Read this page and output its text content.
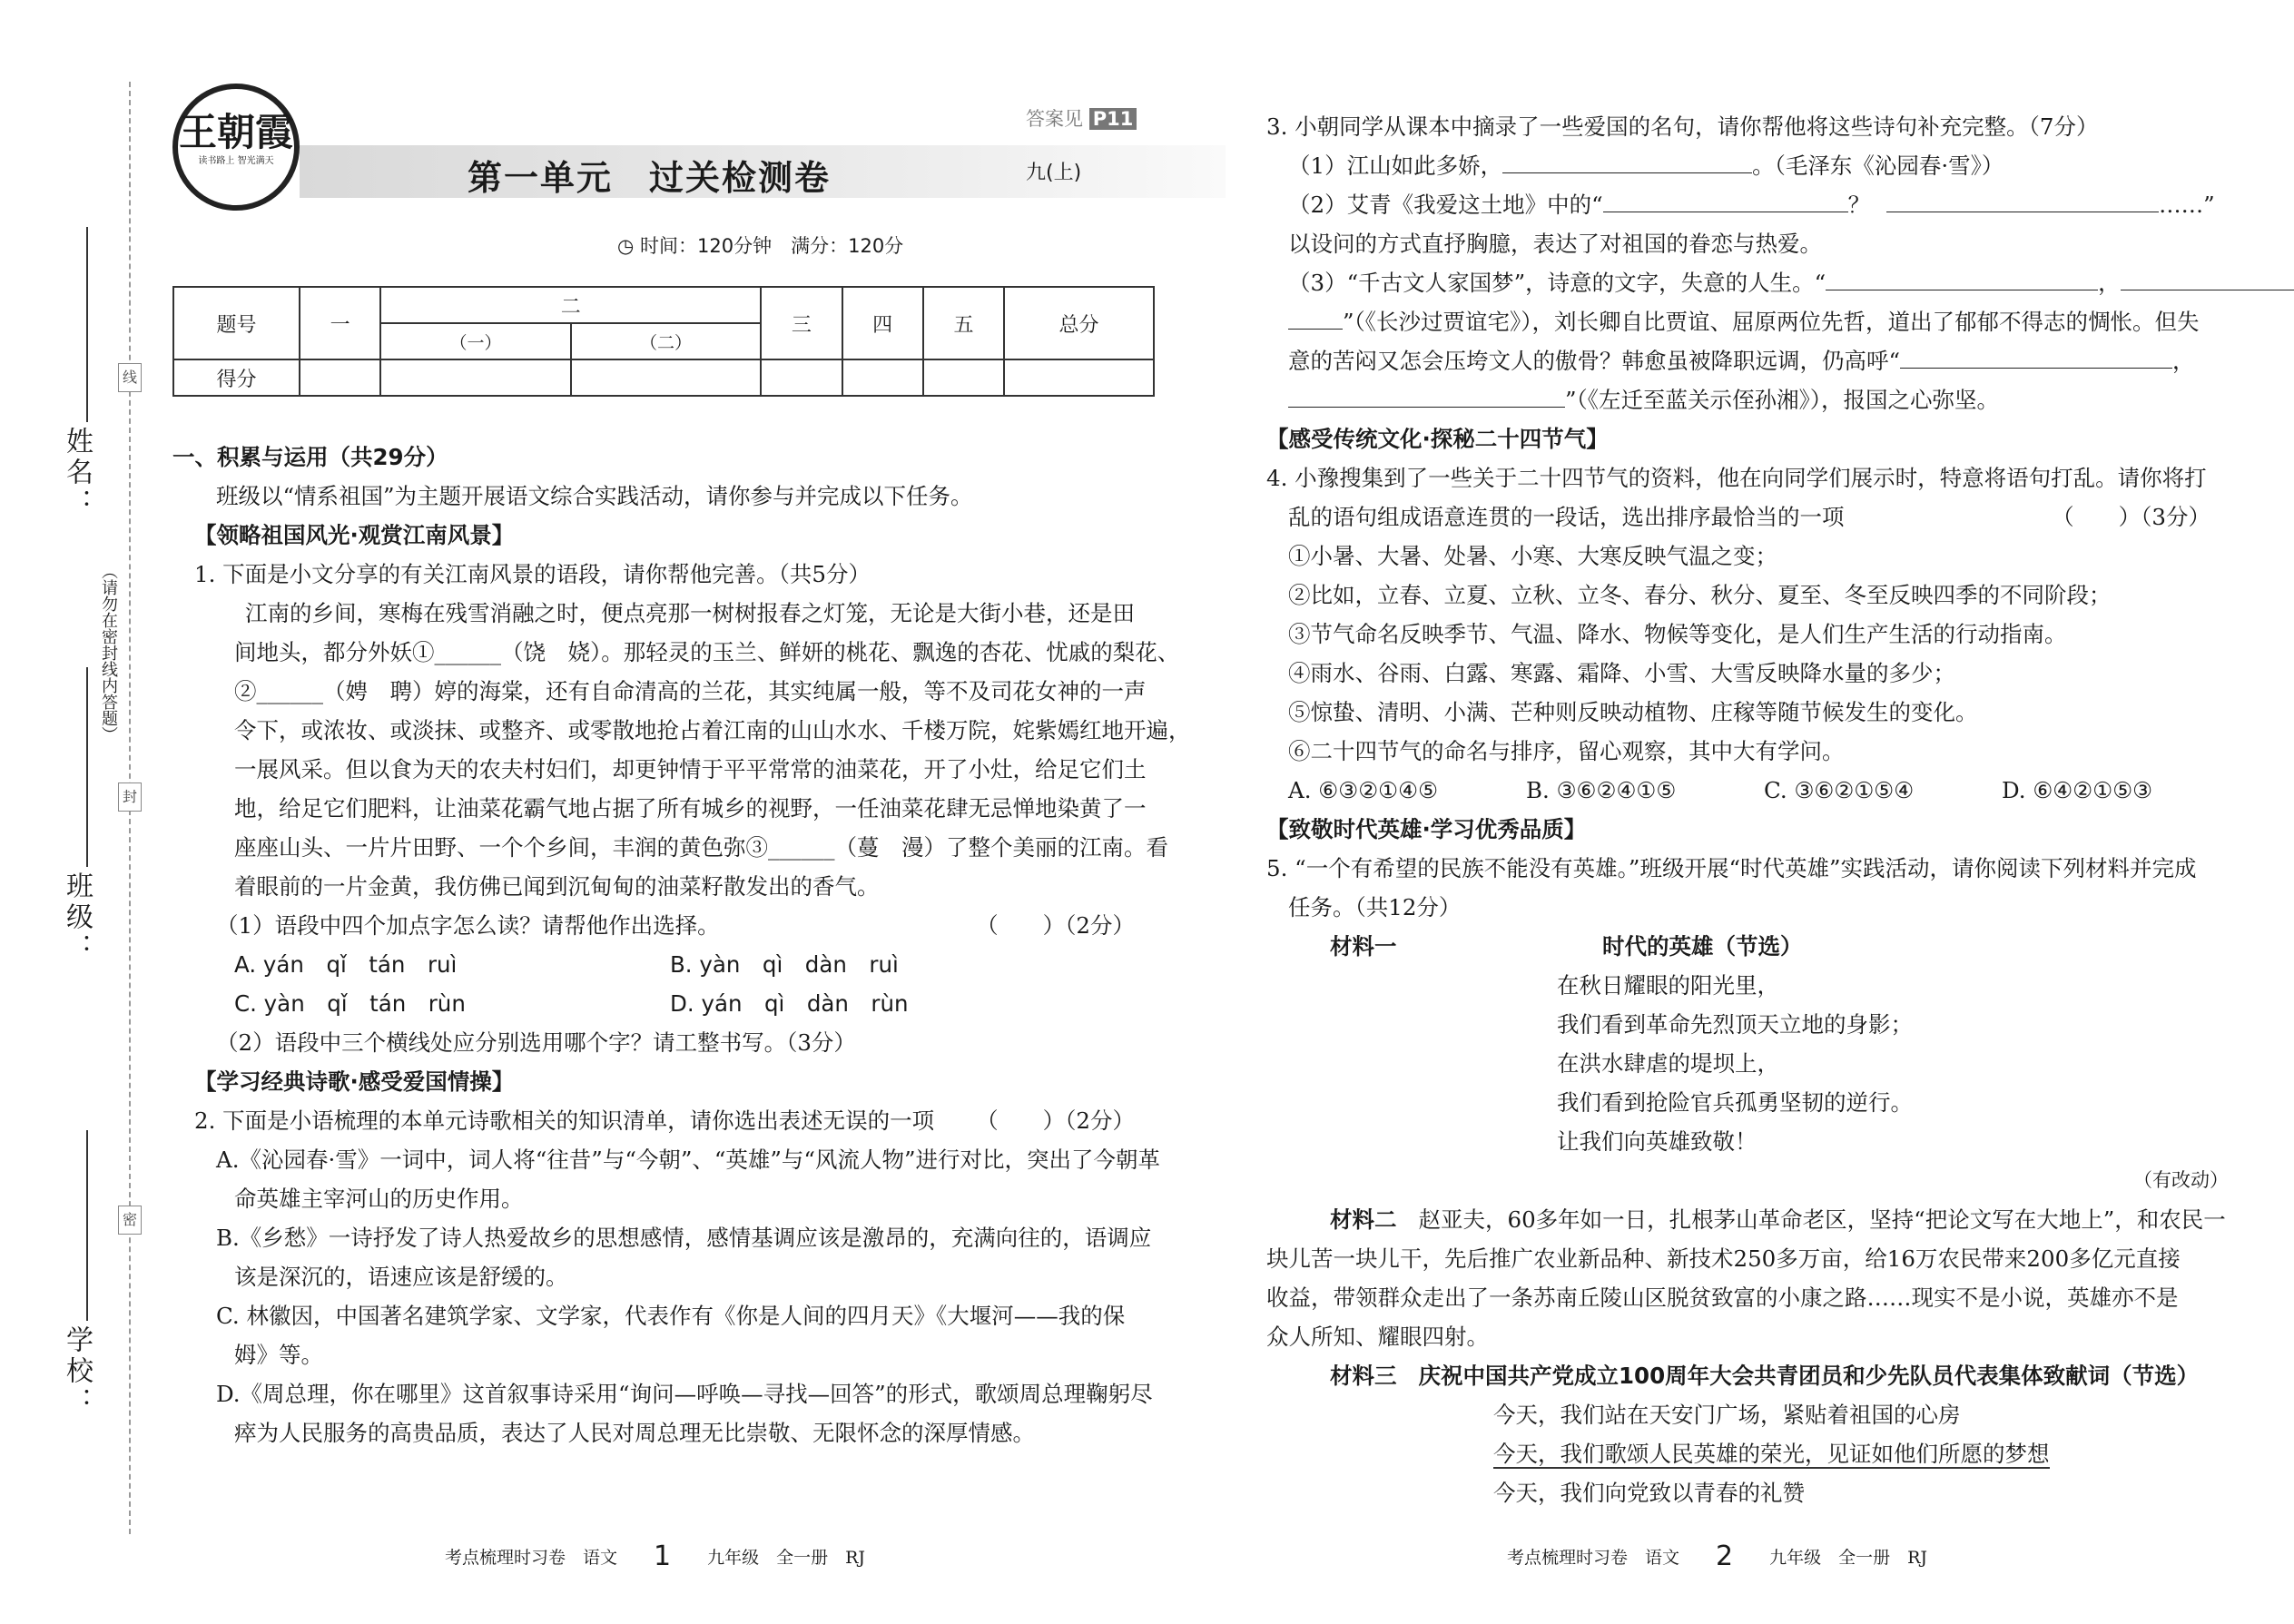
姓名：
班级：
学校：
线
封
密
（请勿在密封线内答题）
王朝霞
读书路上 智光满天	第一单元　过关检测卷
答案见 P11
九(上)
◷ 时间：120分钟　满分：120分
题号	一	二		三	四	五	总分
		（一）	（二）				
得分							

一、积累与运用（共29分）

班级以“情系祖国”为主题开展语文综合实践活动，请你参与并完成以下任务。

【领略祖国风光·观赏江南风景】

1. 下面是小文分享的有关江南风景的语段，请你帮他完善。（共5分）

江南的乡间，寒梅在残雪消融之时，便点亮那一树树报春之灯笼，无论是大街小巷，还是田

间地头，都分外妖①______（饶　娆）。那轻灵的玉兰、鲜妍的桃花、飘逸的杏花、忧戚的梨花、

②______（娉　聘）婷的海棠，还有自命清高的兰花，其实纯属一般，等不及司花女神的一声

令下，或浓妆、或淡抹、或整齐、或零散地抢占着江南的山山水水、千楼万院，姹紫嫣红地开遍，

一展风采。但以食为天的农夫村妇们，却更钟情于平平常常的油菜花，开了小灶，给足它们土

地，给足它们肥料，让油菜花霸气地占据了所有城乡的视野，一任油菜花肆无忌惮地染黄了一

座座山头、一片片田野、一个个乡间，丰润的黄色弥③______（蔓　漫）了整个美丽的江南。看

着眼前的一片金黄，我仿佛已闻到沉甸甸的油菜籽散发出的香气。

（1）语段中四个加点字怎么读？请帮他作出选择。	（　　）（2分）

A. yán　qǐ　tán　ruì	B. yàn　qì　dàn　ruì

C. yàn　qǐ　tán　rùn	D. yán　qì　dàn　rùn

（2）语段中三个横线处应分别选用哪个字？请工整书写。（3分）

【学习经典诗歌·感受爱国情操】

2. 下面是小语梳理的本单元诗歌相关的知识清单，请你选出表述无误的一项 （　　）（2分）

A.《沁园春·雪》一词中，词人将“往昔”与“今朝”、“英雄”与“风流人物”进行对比，突出了今朝革

命英雄主宰河山的历史作用。

B.《乡愁》一诗抒发了诗人热爱故乡的思想感情，感情基调应该是激昂的，充满向往的，语调应

该是深沉的，语速应该是舒缓的。

C. 林徽因，中国著名建筑学家、文学家，代表作有《你是人间的四月天》《大堰河——我的保

姆》等。

D.《周总理，你在哪里》这首叙事诗采用“询问—呼唤—寻找—回答”的形式，歌颂周总理鞠躬尽

瘁为人民服务的高贵品质，表达了人民对周总理无比崇敬、无限怀念的深厚情感。

3. 小朝同学从课本中摘录了一些爱国的名句，请你帮他将这些诗句补充完整。（7分）

（1）江山如此多娇，	。（毛泽东《沁园春·雪》）

（2）艾青《我爱这土地》中的“	？	……”

以设问的方式直抒胸臆，表达了对祖国的眷恋与热爱。

（3）“千古文人家国梦”，诗意的文字，失意的人生。“	，

”（《长沙过贾谊宅》），刘长卿自比贾谊、屈原两位先哲，道出了郁郁不得志的惆怅。但失

意的苦闷又怎会压垮文人的傲骨？韩愈虽被降职远调，仍高呼“	，

”（《左迁至蓝关示侄孙湘》），报国之心弥坚。

【感受传统文化·探秘二十四节气】

4. 小豫搜集到了一些关于二十四节气的资料，他在向同学们展示时，特意将语句打乱。请你将打

乱的语句组成语意连贯的一段话，选出排序最恰当的一项	（　　）（3分）

①小暑、大暑、处暑、小寒、大寒反映气温之变；

②比如，立春、立夏、立秋、立冬、春分、秋分、夏至、冬至反映四季的不同阶段；

③节气命名反映季节、气温、降水、物候等变化，是人们生产生活的行动指南。

④雨水、谷雨、白露、寒露、霜降、小雪、大雪反映降水量的多少；

⑤惊蛰、清明、小满、芒种则反映动植物、庄稼等随节候发生的变化。

⑥二十四节气的命名与排序，留心观察，其中大有学问。

A. ⑥③②①④⑤	B. ③⑥②④①⑤	C. ③⑥②①⑤④	D. ⑥④②①⑤③

【致敬时代英雄·学习优秀品质】

5. “一个有希望的民族不能没有英雄。”班级开展“时代英雄”实践活动，请你阅读下列材料并完成

任务。（共12分）

材料一	时代的英雄（节选）

在秋日耀眼的阳光里，

我们看到革命先烈顶天立地的身影；

在洪水肆虐的堤坝上，

我们看到抢险官兵孤勇坚韧的逆行。

让我们向英雄致敬！

（有改动）

材料二 赵亚夫，60多年如一日，扎根茅山革命老区，坚持“把论文写在大地上”，和农民一

块儿苦一块儿干，先后推广农业新品种、新技术250多万亩，给16万农民带来200多亿元直接

收益，带领群众走出了一条苏南丘陵山区脱贫致富的小康之路……现实不是小说，英雄亦不是

众人所知、耀眼四射。

材料三 庆祝中国共产党成立100周年大会共青团员和少先队员代表集体致献词（节选）

今天，我们站在天安门广场，紧贴着祖国的心房

今天，我们歌颂人民英雄的荣光，见证如他们所愿的梦想

今天，我们向党致以青春的礼赞

考点梳理时习卷　语文 1 九年级　全一册　RJ	考点梳理时习卷　语文 2 九年级　全一册　RJ
